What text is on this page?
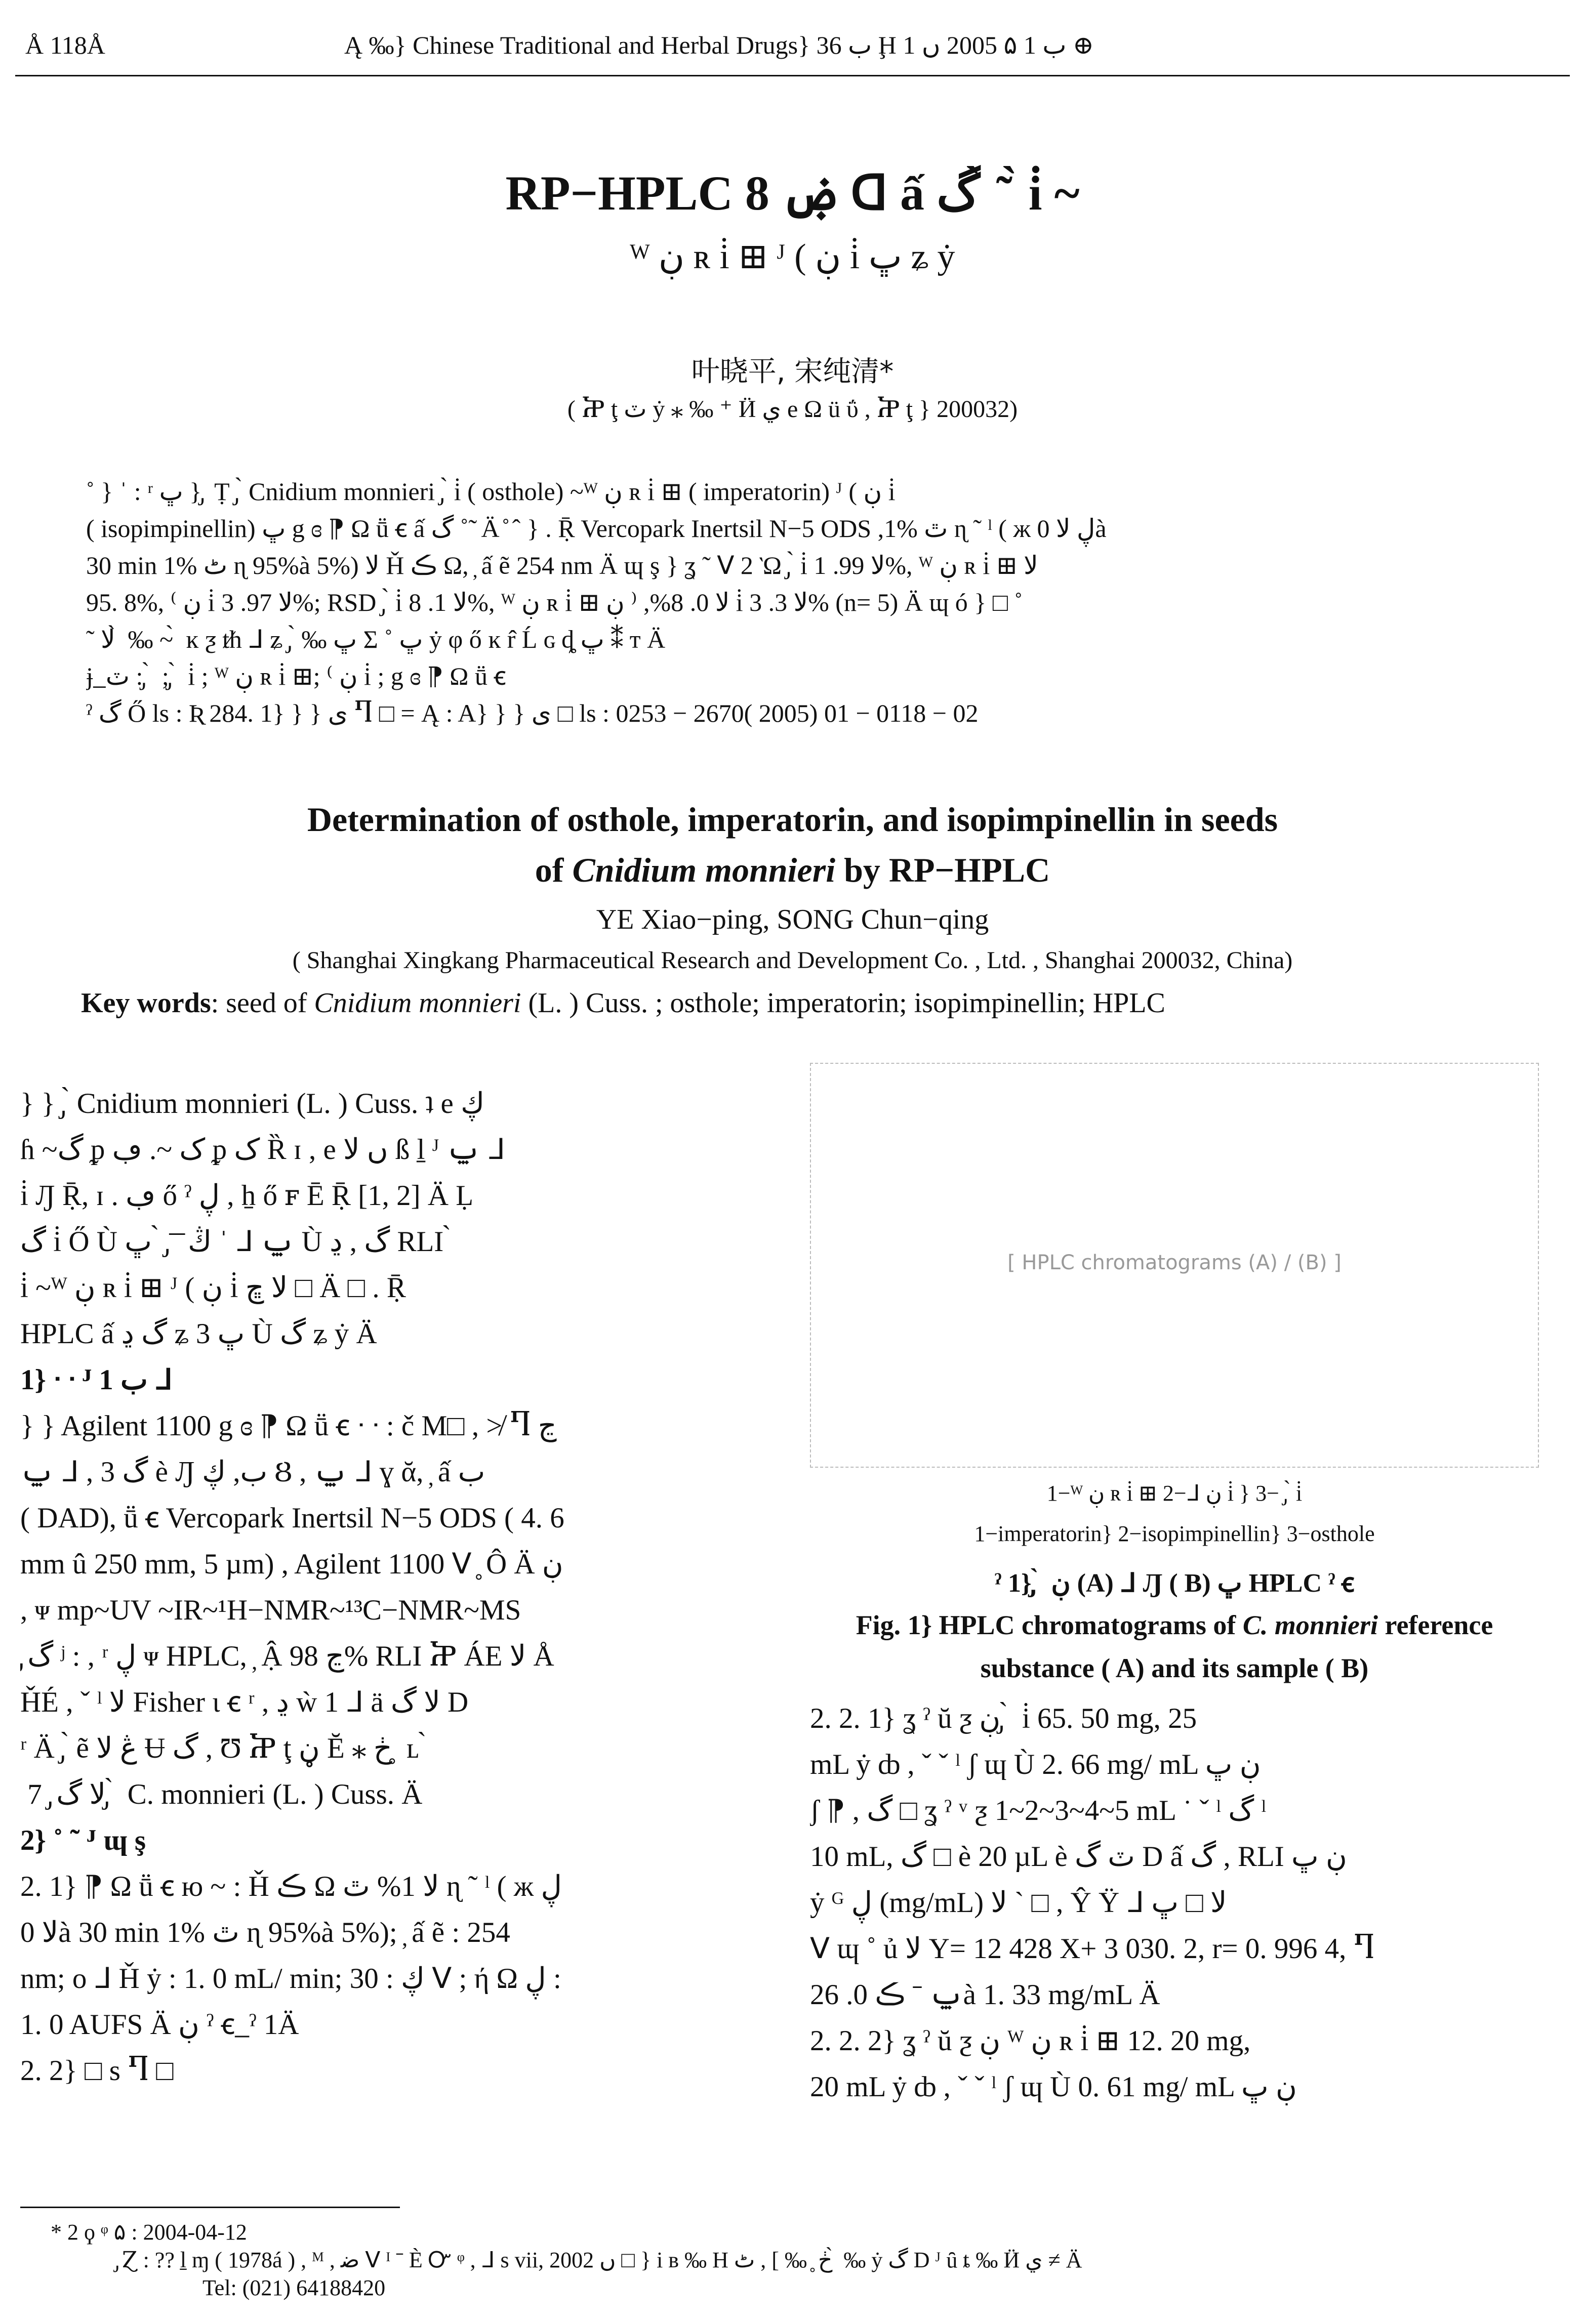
Å 118Å	Ą ‰} Chinese Traditional and Herbal Drugs} ب 36 Ḩ ب 1 ۵ 2005 ں 1 ⊕
RP−HPLC ۻ 8 ᗡ ấ گ ̀ ͂ ̀ i̇ ~
ᵂ ڹ ʀ i̇ ⊞ ᴶ ( ڹ i̇ ڀ ʑ ẏ
叶晓平, 宋纯清*
( Ⴟ ţ ٽ ẏ ⁎ ‰ ⁺ Ӥ ي e Ω ü ΰ , Ⴟ ţ } 200032)
˚ } ˈ : ʳ ڀ } ̡ Ṭ ̡ ̀ Cnidium monnieri ̡ ̀ i̇ ( osthole) ~ᵂ ڹ ʀ i̇ ⊞ ( imperatorin) ᴶ ( ڹ i̇
( isopimpinellin) ڀ g ɞ ⁋ Ω ṻ ꞓ ấ گ ˚ ̃ Ä ̊ ˆ } . Ṝ Vercopark Inertsil N−5 ODS ,1% ٿ ɳ ˜ ˡ ( ж ڸ ﻻ 0à
30 min 1% ٹ ɳ 95%à 5%) ﻻ Ȟ ڪ Ω, ̦ ấ ẽ 254 nm Ä ɰ ş } ʓ ˜ ᐯ 2 Ὼ ̡ ̀ i̇ ﻻ 99. 1%, ᵂ ڹ ʀ i̇ ⊞ ﻻ
95. 8%, ⁽ ڹ i̇ ﻻ 97. 3%; RSD ̡ ̀ i̇ ﻻ 1. 8%, ᵂ ڹ ʀ i̇ ⊞ ﻻ 0. 8%, ⁽ ڹ i̇ ﻻ 3. 3% (n= 5) Ä ɰ ó } □ ˚
˜ ﻻ ̀ ‰ ~ ̀ ĸ ƺ ᵺ ᒧ ʑ ̡ ̀ ‰ ڀ Σ ˚ ڀ ẏ φ ő ĸ r̂ Ĺ ɢ ȡ ڀ ⁑ ᴛ Ä
ɉ ̲ ٽ : ̡ ̀ ; ̡ ̀ i̇ ; ᵂ ڹ ʀ i̇ ⊞; ⁽ ڹ i̇ ; g ɞ ⁋ Ω ṻ ꞓ
ˀ گ Ő ls : Ʀ 284. 1} } } ی Ⴄ □ = Ą : A} } } ی □ ls : 0253 − 2670( 2005) 01 − 0118 − 02
Determination of osthole, imperatorin, and isopimpinellin in seeds
of Cnidium monnieri by RP−HPLC
YE Xiao−ping, SONG Chun−qing
( Shanghai Xingkang Pharmaceutical Research and Development Co. , Ltd. , Shanghai 200032, China)
Key words: seed of Cnidium monnieri (L. ) Cuss. ; osthole; imperatorin; isopimpinellin; HPLC
} } ̡ ̀ Cnidium monnieri (L. ) Cuss. ʇ e ڮ
ɦ ~گ ᵱ ک ~. ڢ ᵱ ک Ȑ ɪ , e ں ﻻ ß ḻ ᴶ ݐ ᒧ
i̇ Ԓ Ṝ, ɪ . ڢ ő ˀ ڸ , ẖ ő ꜰ Ē Ṝ [1, 2] Ä Ḷ
گ i̇ Ő Ù ڭ ̄ ̄ ̡ ̀ ڀ ˈ ᒧ ݐ Ù گ , ڍ RLI ̀
i̇ ~ᵂ ڹ ʀ i̇ ⊞ ᴶ ( ڹ i̇ ﻻ ڇ □ Ä □ . Ṝ
HPLC ấ گ ڍ ʑ ڀ 3 Ù گ ʑ ẏ Ä
1} ᐧ ᐧ ᴶ ب 1 ᒧ
} } Agilent 1100 g ɞ ⁋ Ω ṻ ꞓ ᐧ ᐧ : č M□ , ≯ Ⴄ ڃ
ݐ ᒧ , 3 گ è Ԓ ب, ڮ Ȣ , ݐ ᒧ ɣ ᾰ, ̦ ấ ب
( DAD), ṻ ꞓ Vercopark Inertsil N−5 ODS ( 4. 6
mm û 250 mm, 5 µm) , Agilent 1100 ᐯ ̥ Ô Ä ڹ
, ᴪ mp~UV ~IR~¹H−NMR~¹³C−NMR~MS
̡ گ ʲ : , ʳ ڸ ᴪ HPLC, ̦ Ậ ڃ 98% RLI Ⴟ ÁE ﻻ Å
ȞÉ , ˇ ˡ ﻻ Fisher ɩ ꞓ ʳ , ڍ ẁ 1 ᒧ ä ﻻ گ D
ʳ Ä ̡ ̀ ẽ ڠ ﻻ Ʉ گ , Ʊ Ⴟ ţ ڼ Ĕ ⁎ ڂ ̥ ʟ ̀
̀ 7 ̡ ﻻ گ ̡ ̀ C. monnieri (L. ) Cuss. Ä
2} ˚ ˜ ᴶ ɰ ş
2. 1} ⁋ Ω ṻ ꞓ ю ~ : Ȟ ڪ Ω ﻻ 1% ٿ ɳ ˜ ˡ ( ж ڸ
ﻻ 0à 30 min 1% ٿ ɳ 95%à 5%); ̦ ấ ẽ : 254
nm; o ᒧ Ȟ ẏ : 1. 0 mL/ min; ڮ : 30 ᐯ ; ή Ω ڸ :
1. 0 AUFS Ä ڹ ˀ ꞓ ̲ ˀ 1Ä
2. 2} □ s Ⴄ □
[ HPLC chromatograms (A) / (B) ]
1−ᵂ ڹ ʀ i̇ ⊞ 2−ᒧ ڹ i̇ } 3− ̡ ̀ i̇
1−imperatorin} 2−isopimpinellin} 3−osthole
ˀ 1} ̡ ̀ ڹ (A) ᒧ Ԓ ( B) ڀ HPLC ˀ ꞓ
Fig. 1} HPLC chromatograms of C. monnieri reference
substance ( A) and its sample ( B)
2. 2. 1} ʓ ˀ ŭ ƺ ڹ ̡ ̀ i̇ 65. 50 mg, 25
mL ẏ ȸ , ˇ ˇ ˡ ʃ ɰ Ù 2. 66 mg/ mL ڹ ڀ
ʃ ⁋ , گ □ ʓ ˀ ᵛ ƺ 1~2~3~4~5 mL ˙ ˇ ˡ گ ˡ
10 mL, گ □ è 20 µL è ٽ گ D ấ گ , RLI ڹ ڀ
ẏ ᴳ ڸ (mg/mL) ﻻ ˋ □ , Ŷ Ÿ ᒧ ﻻ □ ڀ
ᐯ ɰ ˚ ủ ﻻ Y= 12 428 X+ 3 030. 2, r= 0. 996 4, Ⴄ
ݐ ˉ ڪ 0. 26à 1. 33 mg/mL Ä
2. 2. 2} ʓ ˀ ŭ ƺ ڹ ᵂ ڹ ʀ i̇ ⊞ 12. 20 mg,
20 mL ẏ ȸ , ˇ ˇ ˡ ʃ ɰ Ù 0. 61 mg/ mL ڹ ڀ
* 2 ϙ ᵠ ۵ : 2004-04-12
̡ Ɀ : ?? ḻ ɱ ( 1978á ) , ᴹ , ﺿ ᐯ ᴵ ˉ È Ꮕ ᵠ , ᒧ s vii, 2002 ں □ } i ʙ ‰ H ڂ ̥ ‰ ] , ٹ ̀ ‰ ẏ گ D ᴶ ȗ ȶ ‰ Ӥ ي ≠ Ä
Tel: (021) 64188420
